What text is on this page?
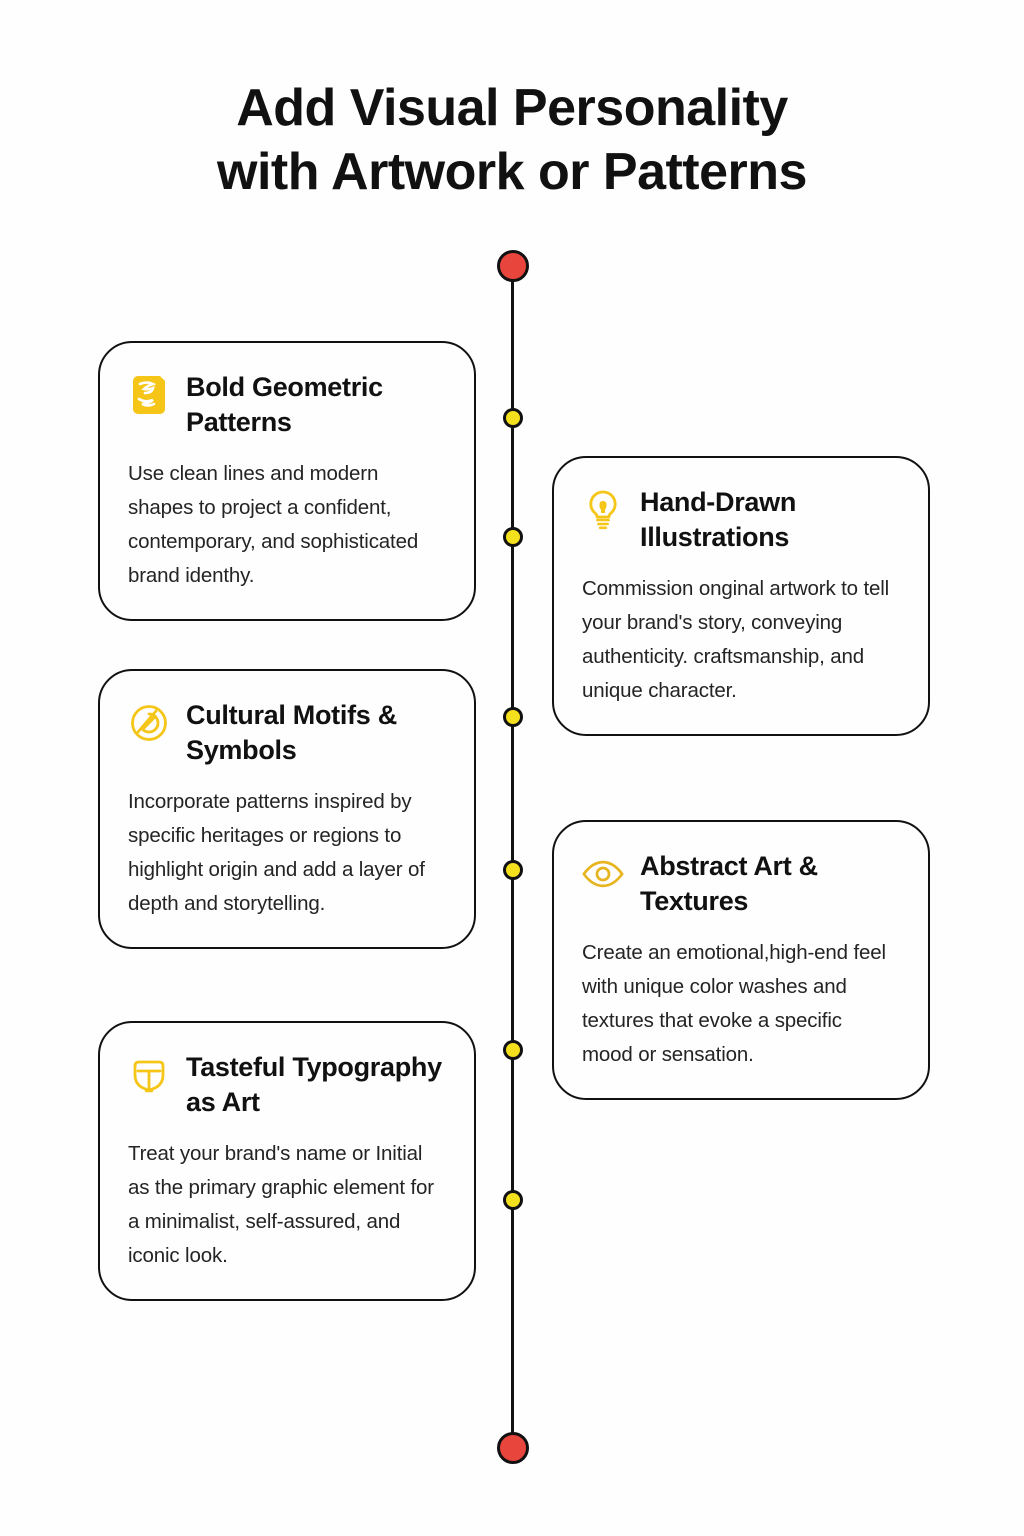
Add Visual Personality
with Artwork or Patterns
Bold Geometric Patterns
Use clean lines and modern shapes to project a confident, contemporary, and sophisticated brand identhy.
Cultural Motifs & Symbols
Incorporate patterns inspired by specific heritages or regions to highlight origin and add a layer of depth and storytelling.
Tasteful Typography as Art
Treat your brand's name or Initial as the primary graphic element for a minimalist, self-assured, and iconic look.
Hand-Drawn Illustrations
Commission onginal artwork to tell your brand's story, conveying authenticity. craftsmanship, and unique character.
Abstract Art & Textures
Create an emotional,high-end feel with unique color washes and textures that evoke a specific mood or sensation.
